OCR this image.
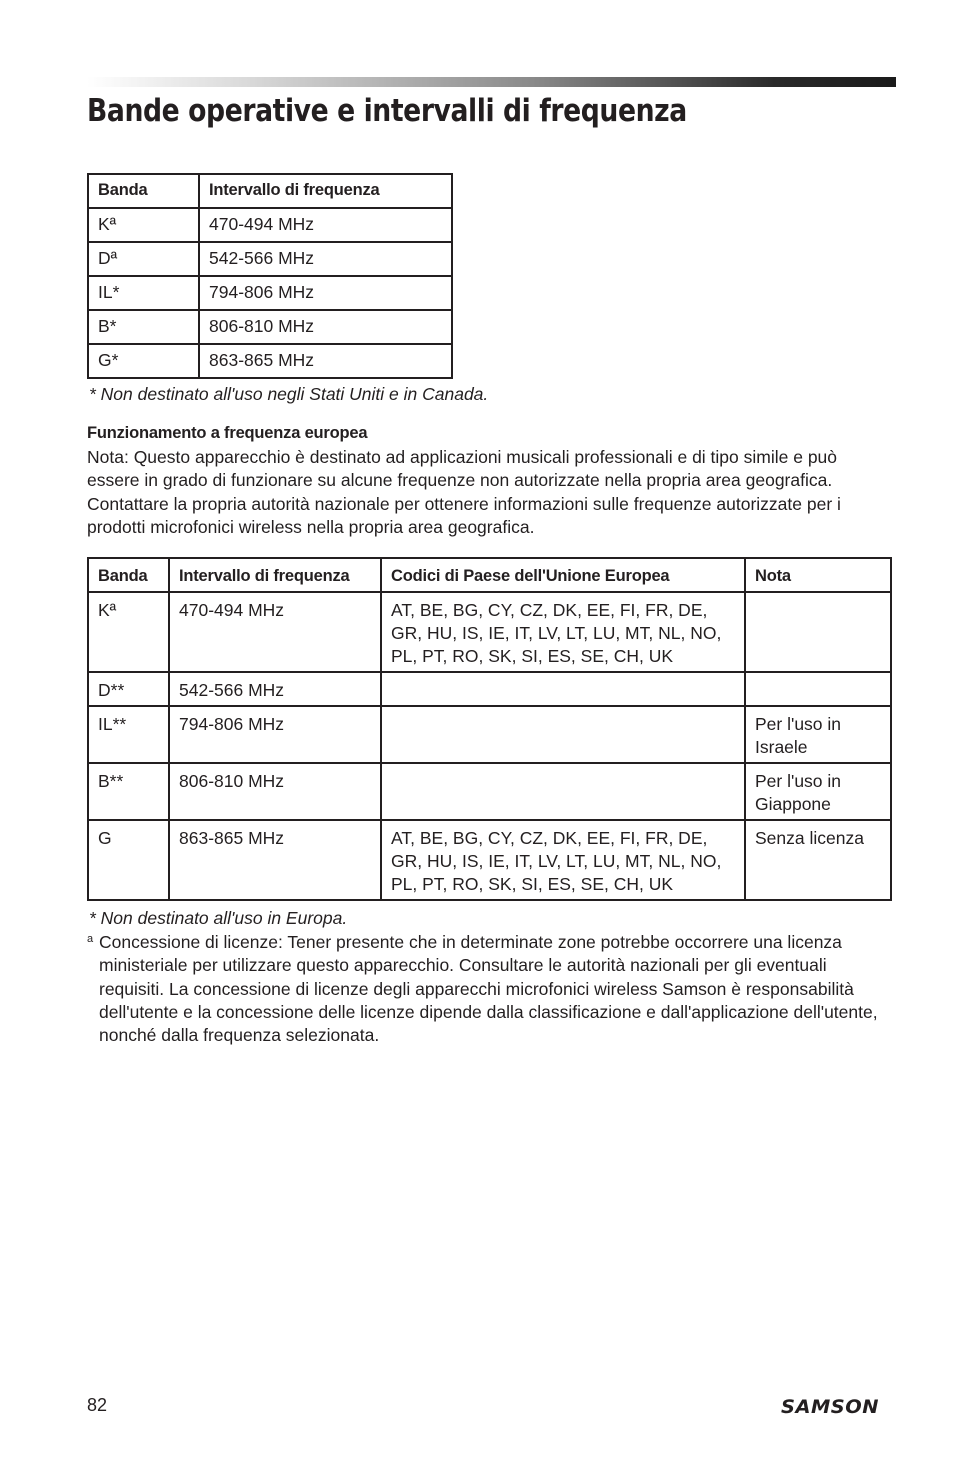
Bande operative e intervalli di frequenza
Banda	Intervallo di frequenza
Kª	470-494 MHz
Dª	542-566 MHz
IL*	794-806 MHz
B*	806-810 MHz
G*	863-865 MHz
* Non destinato all'uso negli Stati Uniti e in Canada.
Funzionamento a frequenza europea
Nota: Questo apparecchio è destinato ad applicazioni musicali professionali e di tipo simile e può essere in grado di funzionare su alcune frequenze non autorizzate nella propria area geografica. Contattare la propria autorità nazionale per ottenere informazioni sulle frequenze autorizzate per i prodotti microfonici wireless nella propria area geografica.
Banda	Intervallo di frequenza	Codici di Paese dell'Unione Europea	Nota
Kª	470-494 MHz	AT, BE, BG, CY, CZ, DK, EE, FI, FR, DE, GR, HU, IS, IE, IT, LV, LT, LU, MT, NL, NO, PL, PT, RO, SK, SI, ES, SE, CH, UK	
D**	542-566 MHz		
IL**	794-806 MHz		Per l'uso in Israele
B**	806-810 MHz		Per l'uso in Giappone
G	863-865 MHz	AT, BE, BG, CY, CZ, DK, EE, FI, FR, DE, GR, HU, IS, IE, IT, LV, LT, LU, MT, NL, NO, PL, PT, RO, SK, SI, ES, SE, CH, UK	Senza licenza
* Non destinato all'uso in Europa.
a Concessione di licenze: Tener presente che in determinate zone potrebbe occorrere una licenza ministeriale per utilizzare questo apparecchio. Consultare le autorità nazionali per gli eventuali requisiti. La concessione di licenze degli apparecchi microfonici wireless Samson è responsabilità dell'utente e la concessione delle licenze dipende dalla classificazione e dall'applicazione dell'utente, nonché dalla frequenza selezionata.
82	SAMSON
